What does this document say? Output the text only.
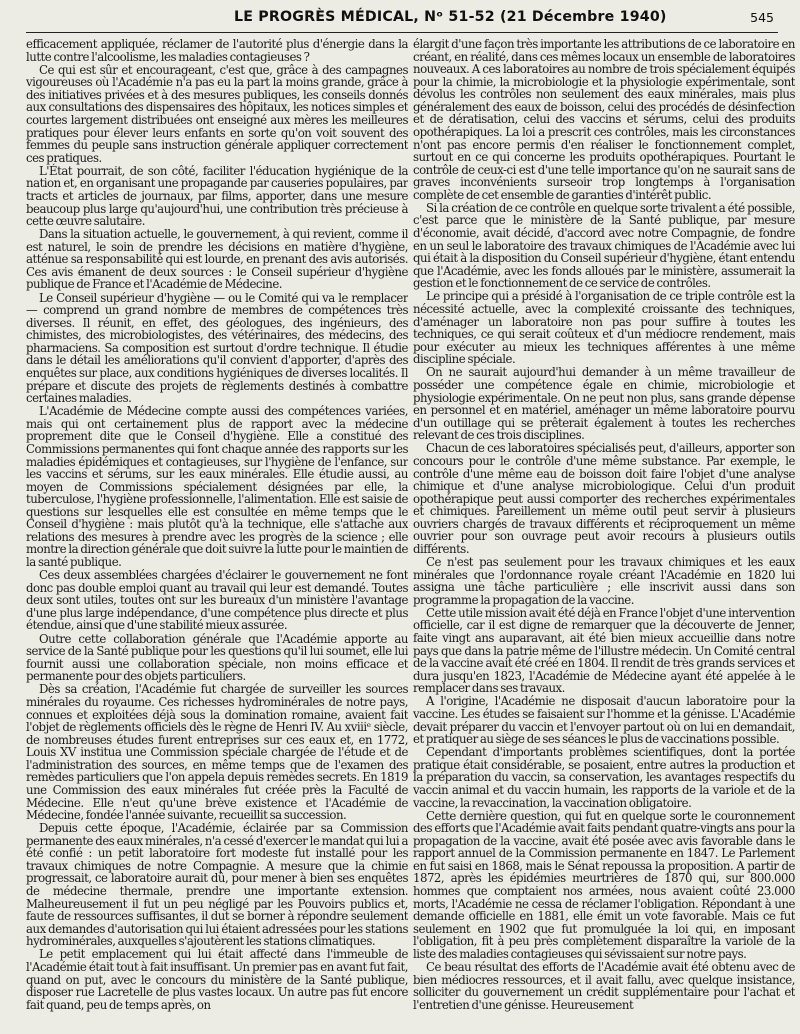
LE PROGRÈS MÉDICAL, Nᵒ 51-52 (21 Décembre 1940)	545

efficacement appliquée, réclamer de l'autorité plus d'énergie dans la lutte contre l'alcoolisme, les maladies contagieuses ?

Ce qui est sûr et encourageant, c'est que, grâce à des campagnes vigoureuses où l'Académie n'a pas eu la part la moins grande, grâce à des initiatives privées et à des mesures publiques, les conseils donnés aux consultations des dispensaires des hôpitaux, les notices simples et courtes largement distribuées ont enseigné aux mères les meilleures pratiques pour élever leurs enfants en sorte qu'on voit souvent des femmes du peuple sans instruction générale appliquer correctement ces pratiques.

L'État pourrait, de son côté, faciliter l'éducation hygiénique de la nation et, en organisant une propagande par causeries populaires, par tracts et articles de journaux, par films, apporter, dans une mesure beaucoup plus large qu'aujourd'hui, une contribution très précieuse à cette œuvre salutaire.

Dans la situation actuelle, le gouvernement, à qui revient, comme il est naturel, le soin de prendre les décisions en matière d'hygiène, atténue sa responsabilité qui est lourde, en prenant des avis autorisés. Ces avis émanent de deux sources : le Conseil supérieur d'hygiène publique de France et l'Académie de Médecine.

Le Conseil supérieur d'hygiène — ou le Comité qui va le remplacer — comprend un grand nombre de membres de compétences très diverses. Il réunit, en effet, des géologues, des ingénieurs, des chimistes, des microbiologistes, des vétérinaires, des médecins, des pharmaciens. Sa composition est surtout d'ordre technique. Il étudie dans le détail les améliorations qu'il convient d'apporter, d'après des enquêtes sur place, aux conditions hygiéniques de diverses localités. Il prépare et discute des projets de règlements destinés à combattre certaines maladies.

L'Académie de Médecine compte aussi des compétences variées, mais qui ont certainement plus de rapport avec la médecine proprement dite que le Conseil d'hygiène. Elle a constitué des Commissions permanentes qui font chaque année des rapports sur les maladies épidémiques et contagieuses, sur l'hygiène de l'enfance, sur les vaccins et sérums, sur les eaux minérales. Elle étudie aussi, au moyen de Commissions spécialement désignées par elle, la tuberculose, l'hygiène professionnelle, l'alimentation. Elle est saisie de questions sur lesquelles elle est consultée en même temps que le Conseil d'hygiène : mais plutôt qu'à la technique, elle s'attache aux relations des mesures à prendre avec les progrès de la science ; elle montre la direction générale que doit suivre la lutte pour le maintien de la santé publique.

Ces deux assemblées chargées d'éclairer le gouvernement ne font donc pas double emploi quant au travail qui leur est demandé. Toutes deux sont utiles, toutes ont sur les bureaux d'un ministère l'avantage d'une plus large indépendance, d'une compétence plus directe et plus étendue, ainsi que d'une stabilité mieux assurée.

Outre cette collaboration générale que l'Académie apporte au service de la Santé publique pour les questions qu'il lui soumet, elle lui fournit aussi une collaboration spéciale, non moins efficace et permanente pour des objets particuliers.

Dès sa création, l'Académie fut chargée de surveiller les sources minérales du royaume. Ces richesses hydrominérales de notre pays, connues et exploitées déjà sous la domination romaine, avaient fait l'objet de règlements officiels dès le règne de Henri IV. Au xviiiᵉ siècle, de nombreuses études furent entreprises sur ces eaux et, en 1772, Louis XV institua une Commission spéciale chargée de l'étude et de l'administration des sources, en même temps que de l'examen des remèdes particuliers que l'on appela depuis remèdes secrets. En 1819 une Commission des eaux minérales fut créée près la Faculté de Médecine. Elle n'eut qu'une brève existence et l'Académie de Médecine, fondée l'année suivante, recueillit sa succession.

Depuis cette époque, l'Académie, éclairée par sa Commission permanente des eaux minérales, n'a cessé d'exercer le mandat qui lui a été confié : un petit laboratoire fort modeste fut installé pour les travaux chimiques de notre Compagnie. A mesure que la chimie progressait, ce laboratoire aurait dû, pour mener à bien ses enquêtes de médecine thermale, prendre une importante extension. Malheureusement il fut un peu négligé par les Pouvoirs publics et, faute de ressources suffisantes, il dut se borner à répondre seulement aux demandes d'autorisation qui lui étaient adressées pour les stations hydrominérales, auxquelles s'ajoutèrent les stations climatiques.

Le petit emplacement qui lui était affecté dans l'immeuble de l'Académie était tout à fait insuffisant. Un premier pas en avant fut fait, quand on put, avec le concours du ministère de la Santé publique, disposer rue Lacretelle de plus vastes locaux. Un autre pas fut encore fait quand, peu de temps après, on

élargit d'une façon très importante les attributions de ce laboratoire en créant, en réalité, dans ces mêmes locaux un ensemble de laboratoires nouveaux. A ces laboratoires au nombre de trois spécialement équipés pour la chimie, la microbiologie et la physiologie expérimentale, sont dévolus les contrôles non seulement des eaux minérales, mais plus généralement des eaux de boisson, celui des procédés de désinfection et de dératisation, celui des vaccins et sérums, celui des produits opothérapiques. La loi a prescrit ces contrôles, mais les circonstances n'ont pas encore permis d'en réaliser le fonctionnement complet, surtout en ce qui concerne les produits opothérapiques. Pourtant le contrôle de ceux-ci est d'une telle importance qu'on ne saurait sans de graves inconvénients surseoir trop longtemps à l'organisation complète de cet ensemble de garanties d'intérêt public.

Si la création de ce contrôle en quelque sorte trivalent a été possible, c'est parce que le ministère de la Santé publique, par mesure d'économie, avait décidé, d'accord avec notre Compagnie, de fondre en un seul le laboratoire des travaux chimiques de l'Académie avec lui qui était à la disposition du Conseil supérieur d'hygiène, étant entendu que l'Académie, avec les fonds alloués par le ministère, assumerait la gestion et le fonctionnement de ce service de contrôles.

Le principe qui a présidé à l'organisation de ce triple contrôle est la nécessité actuelle, avec la complexité croissante des techniques, d'aménager un laboratoire non pas pour suffire à toutes les techniques, ce qui serait coûteux et d'un médiocre rendement, mais pour exécuter au mieux les techniques afférentes à une même discipline spéciale.

On ne saurait aujourd'hui demander à un même travailleur de posséder une compétence égale en chimie, microbiologie et physiologie expérimentale. On ne peut non plus, sans grande dépense en personnel et en matériel, aménager un même laboratoire pourvu d'un outillage qui se prêterait également à toutes les recherches relevant de ces trois disciplines.

Chacun de ces laboratoires spécialisés peut, d'ailleurs, apporter son concours pour le contrôle d'une même substance. Par exemple, le contrôle d'une même eau de boisson doit faire l'objet d'une analyse chimique et d'une analyse microbiologique. Celui d'un produit opothérapique peut aussi comporter des recherches expérimentales et chimiques. Pareillement un même outil peut servir à plusieurs ouvriers chargés de travaux différents et réciproquement un même ouvrier pour son ouvrage peut avoir recours à plusieurs outils différents.

Ce n'est pas seulement pour les travaux chimiques et les eaux minérales que l'ordonnance royale créant l'Académie en 1820 lui assigna une tâche particulière ; elle inscrivit aussi dans son programme la propagation de la vaccine.

Cette utile mission avait été déjà en France l'objet d'une intervention officielle, car il est digne de remarquer que la découverte de Jenner, faite vingt ans auparavant, ait été bien mieux accueillie dans notre pays que dans la patrie même de l'illustre médecin. Un Comité central de la vaccine avait été créé en 1804. Il rendit de très grands services et dura jusqu'en 1823, l'Académie de Médecine ayant été appelée à le remplacer dans ses travaux.

A l'origine, l'Académie ne disposait d'aucun laboratoire pour la vaccine. Les études se faisaient sur l'homme et la génisse. L'Académie devait préparer du vaccin et l'envoyer partout où on lui en demandait, et pratiquer au siège de ses séances le plus de vaccinations possible.

Cependant d'importants problèmes scientifiques, dont la portée pratique était considérable, se posaient, entre autres la production et la préparation du vaccin, sa conservation, les avantages respectifs du vaccin animal et du vaccin humain, les rapports de la variole et de la vaccine, la revaccination, la vaccination obligatoire.

Cette dernière question, qui fut en quelque sorte le couronnement des efforts que l'Académie avait faits pendant quatre-vingts ans pour la propagation de la vaccine, avait été posée avec avis favorable dans le rapport annuel de la Commission permanente en 1847. Le Parlement en fut saisi en 1868, mais le Sénat repoussa la proposition. A partir de 1872, après les épidémies meurtrières de 1870 qui, sur 800.000 hommes que comptaient nos armées, nous avaient coûté 23.000 morts, l'Académie ne cessa de réclamer l'obligation. Répondant à une demande officielle en 1881, elle émit un vote favorable. Mais ce fut seulement en 1902 que fut promulguée la loi qui, en imposant l'obligation, fit à peu près complètement disparaître la variole de la liste des maladies contagieuses qui sévissaient sur notre pays.

Ce beau résultat des efforts de l'Académie avait été obtenu avec de bien médiocres ressources, et il avait fallu, avec quelque insistance, solliciter du gouvernement un crédit supplémentaire pour l'achat et l'entretien d'une génisse. Heureusement
